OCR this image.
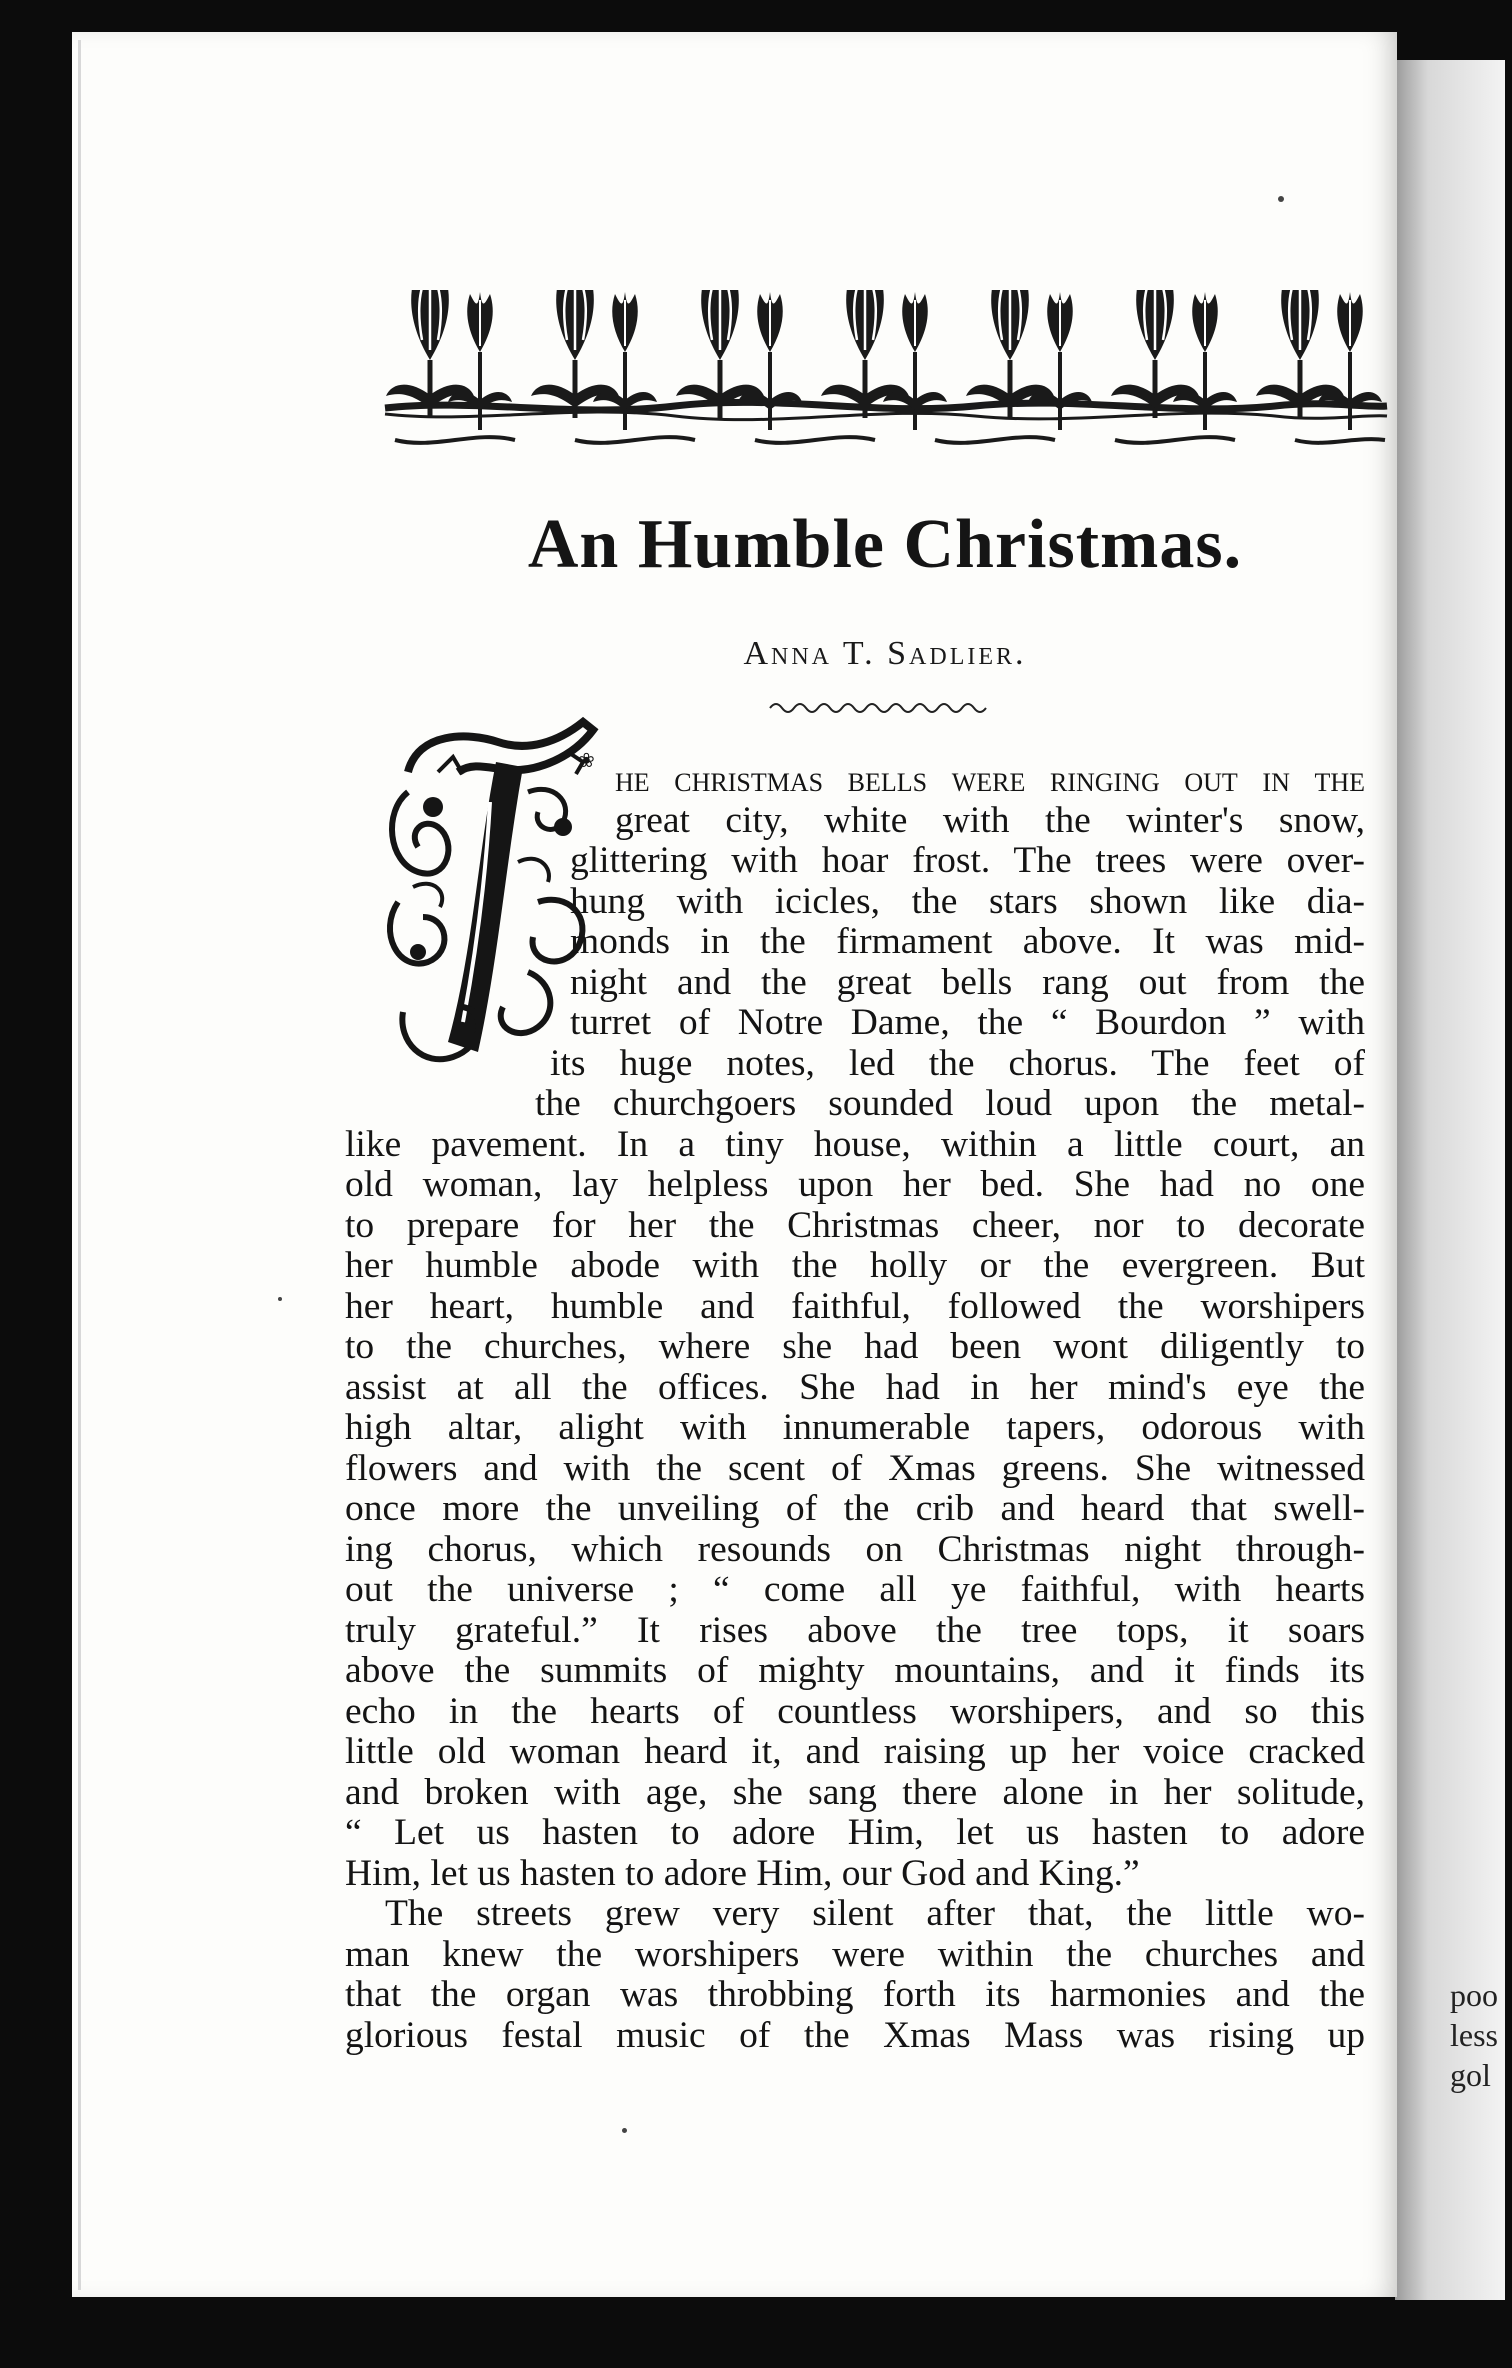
poo
less
gol
An Humble Christmas.
Anna T. Sadlier.
❀ he christmas bells were ringing out in the
great city, white with the winter's snow,
glittering with hoar frost. The trees were over-
hung with icicles, the stars shown like dia-
monds in the firmament above. It was mid-
night and the great bells rang out from the
turret of Notre Dame, the “ Bourdon ” with
its huge notes, led the chorus. The feet of
the churchgoers sounded loud upon the metal-
like pavement. In a tiny house, within a little court, an
old woman, lay helpless upon her bed. She had no one
to prepare for her the Christmas cheer, nor to decorate
her humble abode with the holly or the evergreen. But
her heart, humble and faithful, followed the worshipers
to the churches, where she had been wont diligently to
assist at all the offices. She had in her mind's eye the
high altar, alight with innumerable tapers, odorous with
flowers and with the scent of Xmas greens. She witnessed
once more the unveiling of the crib and heard that swell-
ing chorus, which resounds on Christmas night through-
out the universe ; “ come all ye faithful, with hearts
truly grateful.” It rises above the tree tops, it soars
above the summits of mighty mountains, and it finds its
echo in the hearts of countless worshipers, and so this
little old woman heard it, and raising up her voice cracked
and broken with age, she sang there alone in her solitude,
“ Let us hasten to adore Him, let us hasten to adore
Him, let us hasten to adore Him, our God and King.”
The streets grew very silent after that, the little wo-
man knew the worshipers were within the churches and
that the organ was throbbing forth its harmonies and the
glorious festal music of the Xmas Mass was rising up
